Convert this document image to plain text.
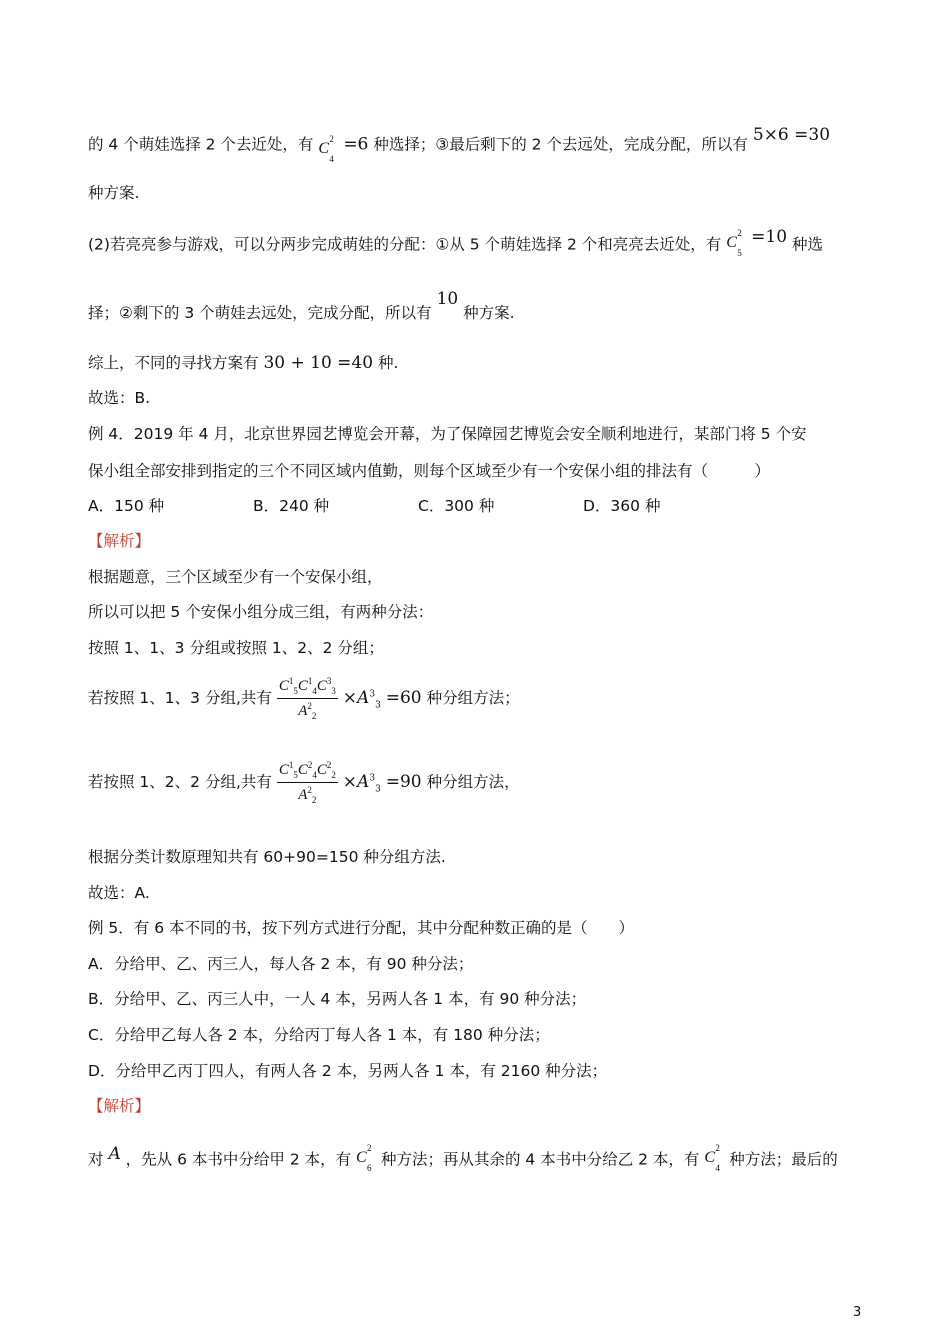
的 4 个萌娃选择 2 个去近处，有 C
2
4
=6 种选择；③最后剩下的 2 个去远处，完成分配，所以有 5×6 =30
种方案.
(2)若亮亮参与游戏，可以分两步完成萌娃的分配：①从 5 个萌娃选择 2 个和亮亮去近处，有 C
2
5
=10 种选
择；②剩下的 3 个萌娃去远处，完成分配，所以有 10 种方案.
综上，不同的寻找方案有 30 + 10 =40 种.
故选：B.
例 4．2019 年 4 月，北京世界园艺博览会开幕，为了保障园艺博览会安全顺利地进行，某部门将 5 个安
保小组全部安排到指定的三个不同区域内值勤，则每个区域至少有一个安保小组的排法有（　　　）
A．150 种	B．240 种	C．300 种	D．360 种
【解析】
根据题意，三个区域至少有一个安保小组，
所以可以把 5 个安保小组分成三组，有两种分法：
按照 1、1、3 分组或按照 1、2、2 分组；
若按照 1、1、3 分组,共有 $\frac{C^1_5C^1_4C^3_3}{A^2_2} \times A^3_3 =60$ 种分组方法；
若按照 1、2、2 分组,共有 $\frac{C^1_5C^2_4C^2_2}{A^2_2} \times A^3_3 =90$ 种分组方法，
根据分类计数原理知共有 60+90=150 种分组方法.
故选：A.
例 5．有 6 本不同的书，按下列方式进行分配，其中分配种数正确的是（　　）
A．分给甲、乙、丙三人，每人各 2 本，有 90 种分法；
B．分给甲、乙、丙三人中，一人 4 本，另两人各 1 本，有 90 种分法；
C．分给甲乙每人各 2 本，分给丙丁每人各 1 本，有 180 种分法；
D．分给甲乙丙丁四人，有两人各 2 本，另两人各 1 本，有 2160 种分法；
【解析】
对 A ，先从 6 本书中分给甲 2 本，有 C
2
6 种方法；再从其余的 4 本书中分给乙 2 本，有 C
2
4 种方法；最后的
3
